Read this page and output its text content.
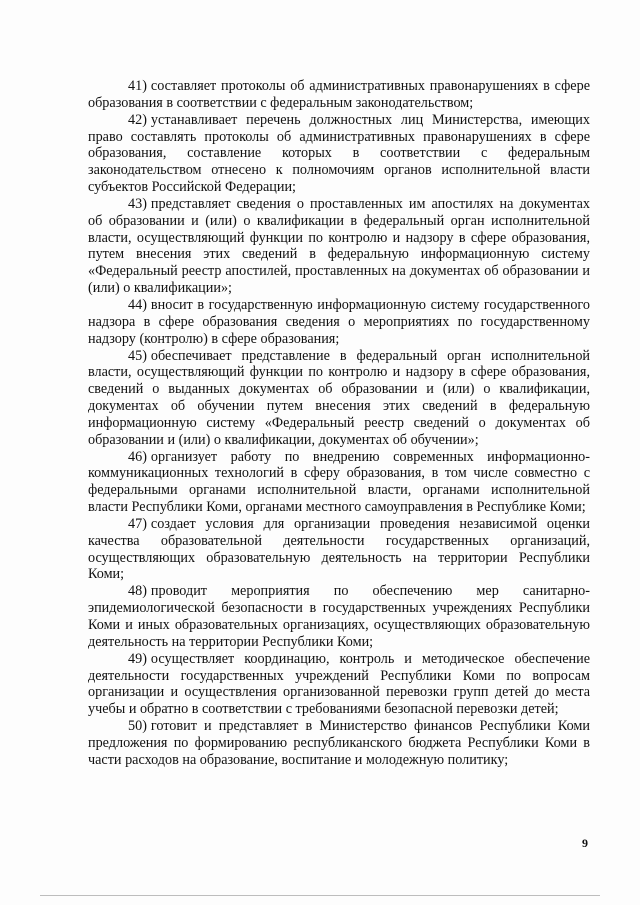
41) составляет протоколы об административных правонарушениях в сфере образования в соответствии с федеральным законодательством;

42) устанавливает перечень должностных лиц Министерства, имеющих право составлять протоколы об административных правонарушениях в сфере образования, составление которых в соответствии с федеральным законодательством отнесено к полномочиям органов исполнительной власти субъектов Российской Федерации;

43) представляет сведения о проставленных им апостилях на документах об образовании и (или) о квалификации в федеральный орган исполнительной власти, осуществляющий функции по контролю и надзору в сфере образования, путем внесения этих сведений в федеральную информационную систему «Федеральный реестр апостилей, проставленных на документах об образовании и (или) о квалификации»;

44) вносит в государственную информационную систему государственного надзора в сфере образования сведения о мероприятиях по государственному надзору (контролю) в сфере образования;

45) обеспечивает представление в федеральный орган исполнительной власти, осуществляющий функции по контролю и надзору в сфере образования, сведений о выданных документах об образовании и (или) о квалификации, документах об обучении путем внесения этих сведений в федеральную информационную систему «Федеральный реестр сведений о документах об образовании и (или) о квалификации, документах об обучении»;

46) организует работу по внедрению современных информационно-коммуникационных технологий в сферу образования, в том числе совместно с федеральными органами исполнительной власти, органами исполнительной власти Республики Коми, органами местного самоуправления в Республике Коми;

47) создает условия для организации проведения независимой оценки качества образовательной деятельности государственных организаций, осуществляющих образовательную деятельность на территории Республики Коми;

48) проводит мероприятия по обеспечению мер санитарно-эпидемиологической безопасности в государственных учреждениях Республики Коми и иных образовательных организациях, осуществляющих образовательную деятельность на территории Республики Коми;

49) осуществляет координацию, контроль и методическое обеспечение деятельности государственных учреждений Республики Коми по вопросам организации и осуществления организованной перевозки групп детей до места учебы и обратно в соответствии с требованиями безопасной перевозки детей;

50) готовит и представляет в Министерство финансов Республики Коми предложения по формированию республиканского бюджета Республики Коми в части расходов на образование, воспитание и молодежную политику;

9
